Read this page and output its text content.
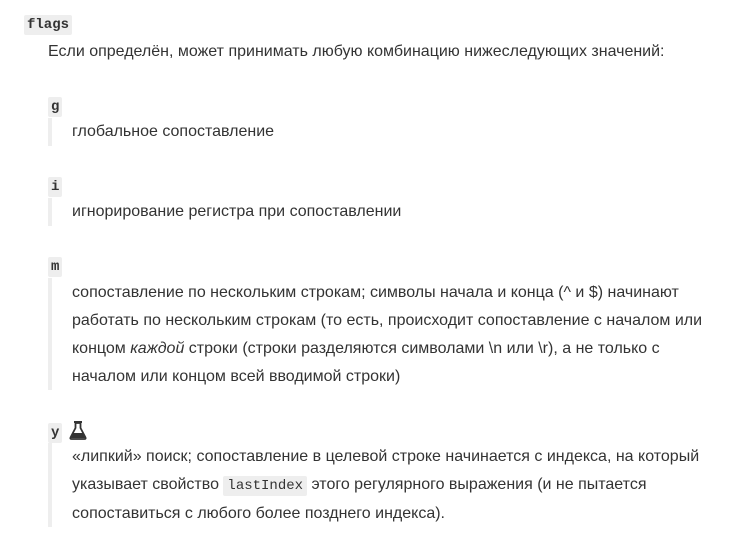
flags
Если определён, может принимать любую комбинацию нижеследующих значений:
g
глобальное сопоставление
i
игнорирование регистра при сопоставлении
m
сопоставление по нескольким строкам; символы начала и конца (^ и $) начинают
работать по нескольким строкам (то есть, происходит сопоставление с началом или
концом каждой строки (строки разделяются символами \n или \r), а не только с
началом или концом всей вводимой строки)
y
«липкий» поиск; сопоставление в целевой строке начинается с индекса, на который
указывает свойство lastIndex этого регулярного выражения (и не пытается
сопоставиться с любого более позднего индекса).
